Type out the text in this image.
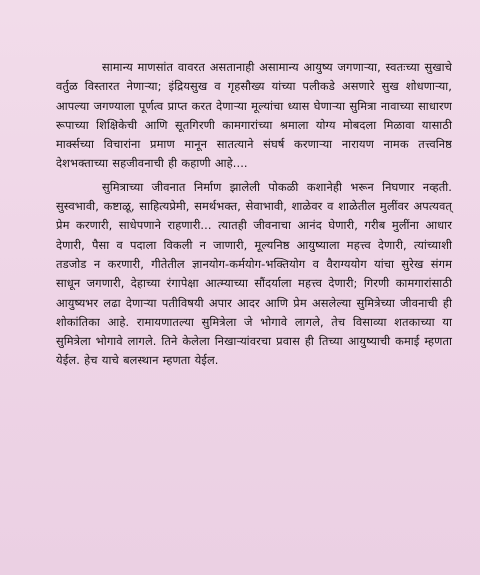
सामान्य माणसांत वावरत असतानाही असामान्य आयुष्य जगणाऱ्या, स्वतःच्या सुखाचे वर्तुळ विस्तारत नेणाऱ्या; इंद्रियसुख व गृहसौख्य यांच्या पलीकडे असणारे सुख शोधणाऱ्या, आपल्या जगण्याला पूर्णत्व प्राप्त करत देणाऱ्या मूल्यांचा ध्यास घेणाऱ्या सुमित्रा नावाच्या साधारण रूपाच्या शिक्षिकेची आणि सूतगिरणी कामगारांच्या श्रमाला योग्य मोबदला मिळावा यासाठी मार्क्सच्या विचारांना प्रमाण मानून सातत्याने संघर्ष करणाऱ्या नारायण नामक तत्त्वनिष्ठ देशभक्ताच्या सहजीवनाची ही कहाणी आहे....

सुमित्राच्या जीवनात निर्माण झालेली पोकळी कशानेही भरून निघणार नव्हती. सुस्वभावी, कष्टाळू, साहित्यप्रेमी, समर्थभक्त, सेवाभावी, शाळेवर व शाळेतील मुलींवर अपत्यवत् प्रेम करणारी, साधेपणाने राहणारी... त्यातही जीवनाचा आनंद घेणारी, गरीब मुलींना आधार देणारी, पैसा व पदाला विकली न जाणारी, मूल्यनिष्ठ आयुष्याला महत्त्व देणारी, त्यांच्याशी तडजोड न करणारी, गीतेतील ज्ञानयोग-कर्मयोग-भक्तियोग व वैराग्ययोग यांचा सुरेख संगम साधून जगणारी, देहाच्या रंगापेक्षा आत्म्याच्या सौंदर्याला महत्त्व देणारी; गिरणी कामगारांसाठी आयुष्यभर लढा देणाऱ्या पतीविषयी अपार आदर आणि प्रेम असलेल्या सुमित्रेच्या जीवनाची ही शोकांतिका आहे. रामायणातल्या सुमित्रेला जे भोगावे लागले, तेच विसाव्या शतकाच्या या सुमित्रेला भोगावे लागले. तिने केलेला निखाऱ्यांवरचा प्रवास ही तिच्या आयुष्याची कमाई म्हणता येईल. हेच याचे बलस्थान म्हणता येईल.
